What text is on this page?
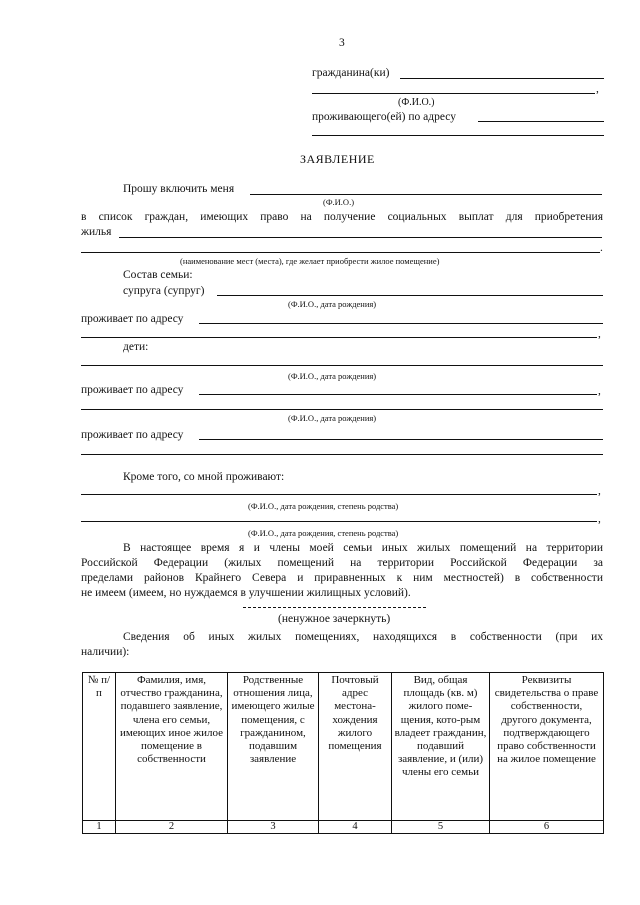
3
гражданина(ки)
,
(Ф.И.О.)
проживающего(ей) по адресу
ЗАЯВЛЕНИЕ
Прошу включить меня
(Ф.И.О.)
в список граждан, имеющих право на получение социальных выплат для приобретения
жилья
.
(наименование мест (места), где желает приобрести жилое помещение)
Состав семьи:
супруга (супруг)
(Ф.И.О., дата рождения)
проживает по адресу
,
дети:
(Ф.И.О., дата рождения)
проживает по адресу	,
(Ф.И.О., дата рождения)
проживает по адресу
Кроме того, со мной проживают:
,
(Ф.И.О., дата рождения, степень родства)
,
(Ф.И.О., дата рождения, степень родства)
В настоящее время я и члены моей семьи иных жилых помещений на территории
Российской Федерации (жилых помещений на территории Российской Федерации за
пределами районов Крайнего Севера и приравненных к ним местностей) в собственности
не имеем (имеем, но нуждаемся в улучшении жилищных условий).
(ненужное зачеркнуть)
Сведения об иных жилых помещениях, находящихся в собственности (при их
наличии):
№ п/п	Фамилия, имя, отчество гражданина, подавшего заявление, члена его семьи, имеющих иное жилое помещение в собственности	Родственные отношения лица, имеющего жилые помещения, с гражданином, подавшим заявление	Почтовый адрес местона-хождения жилого помещения	Вид, общая площадь (кв. м) жилого поме-щения, кото-рым владеет гражданин, подавший заявление, и (или) члены его семьи	Реквизиты свидетельства о праве собственности, другого документа, подтверждающего право собственности на жилое помещение
1	2	3	4	5	6
